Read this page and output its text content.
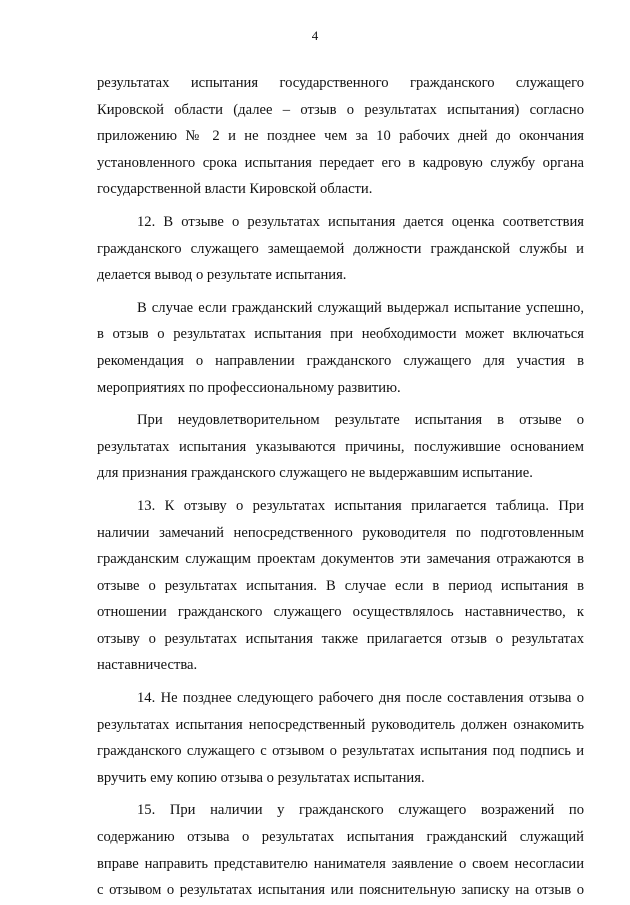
4
результатах испытания государственного гражданского служащего
Кировской области (далее – отзыв о результатах испытания) согласно
приложению № 2 и не позднее чем за 10 рабочих дней до окончания
установленного срока испытания передает его в кадровую службу органа
государственной власти Кировской области.
12. В отзыве о результатах испытания дается оценка соответствия
гражданского служащего замещаемой должности гражданской службы и
делается вывод о результате испытания.
В случае если гражданский служащий выдержал испытание успешно,
в отзыв о результатах испытания при необходимости может включаться
рекомендация о направлении гражданского служащего для участия в
мероприятиях по профессиональному развитию.
При неудовлетворительном результате испытания в отзыве о
результатах испытания указываются причины, послужившие основанием
для признания гражданского служащего не выдержавшим испытание.
13. К отзыву о результатах испытания прилагается таблица. При
наличии замечаний непосредственного руководителя по подготовленным
гражданским служащим проектам документов эти замечания отражаются в
отзыве о результатах испытания. В случае если в период испытания в
отношении гражданского служащего осуществлялось наставничество, к
отзыву о результатах испытания также прилагается отзыв о результатах
наставничества.
14. Не позднее следующего рабочего дня после составления отзыва о
результатах испытания непосредственный руководитель должен ознакомить
гражданского служащего с отзывом о результатах испытания под подпись и
вручить ему копию отзыва о результатах испытания.
15. При наличии у гражданского служащего возражений по
содержанию отзыва о результатах испытания гражданский служащий
вправе направить представителю нанимателя заявление о своем несогласии
с отзывом о результатах испытания или пояснительную записку на отзыв о
